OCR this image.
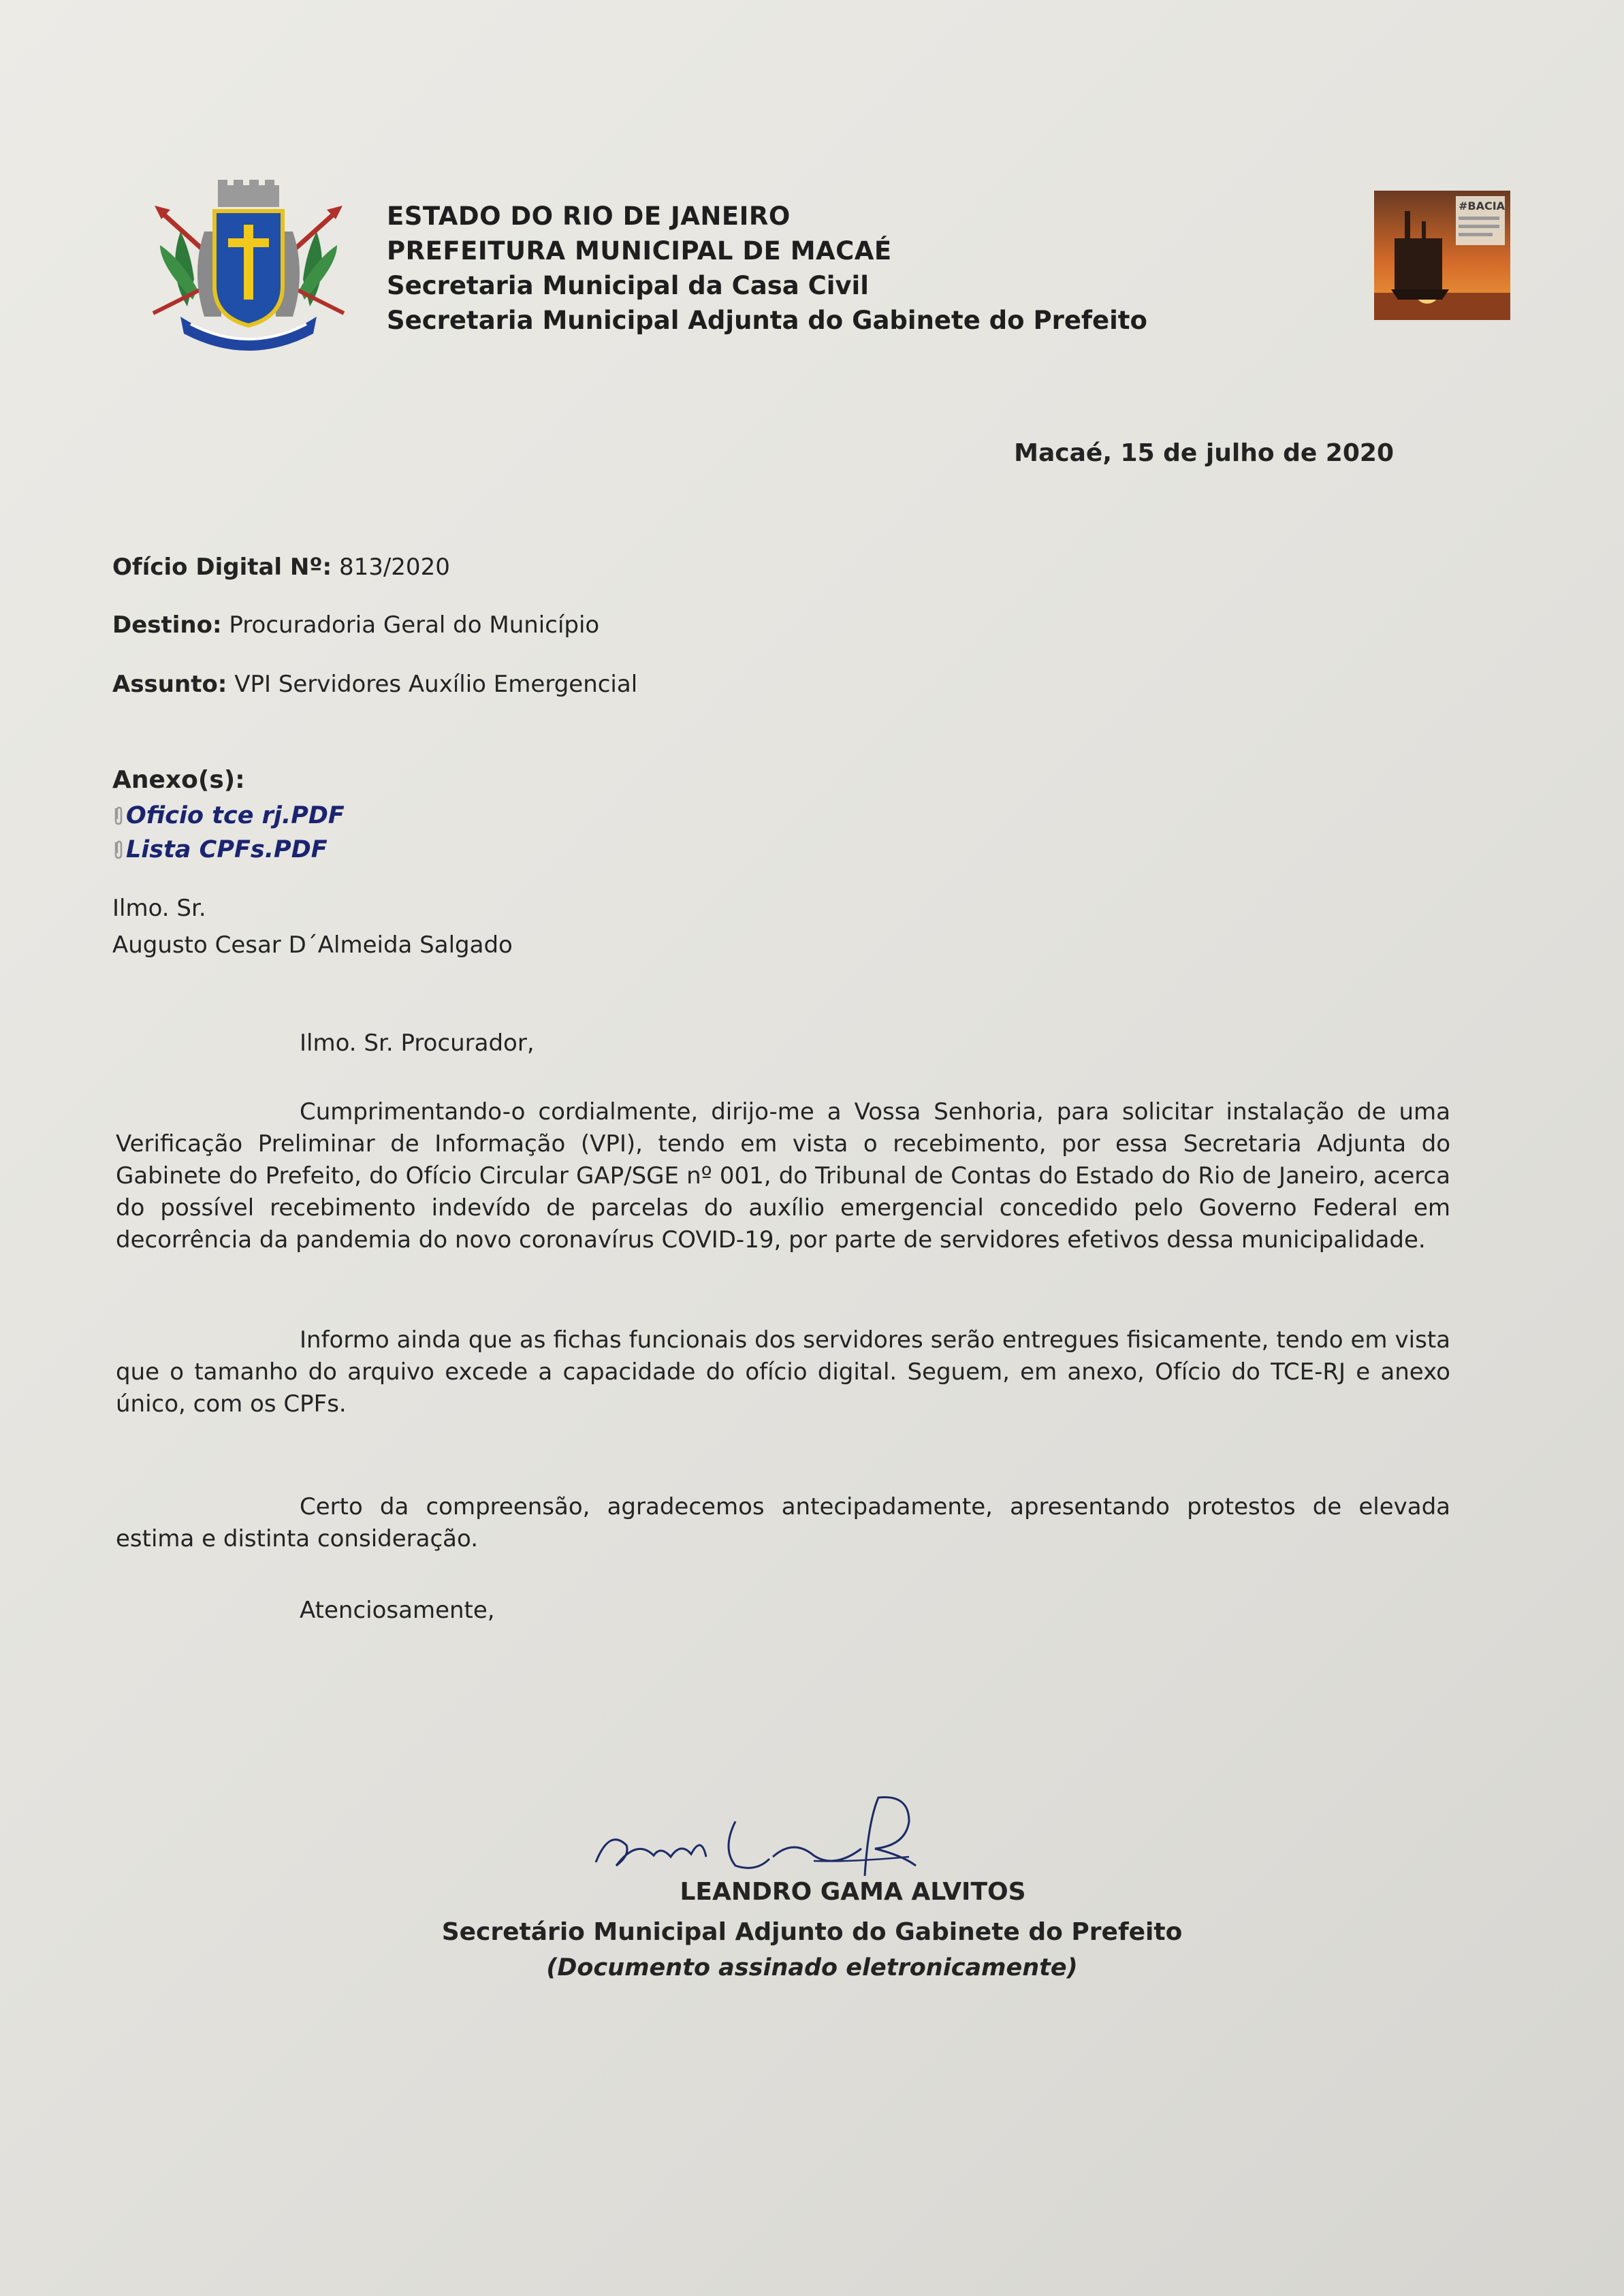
ESTADO DO RIO DE JANEIRO
PREFEITURA MUNICIPAL DE MACAÉ
Secretaria Municipal da Casa Civil
Secretaria Municipal Adjunta do Gabinete do Prefeito
#BACIA
Macaé, 15 de julho de 2020
Ofício Digital Nº: 813/2020
Destino: Procuradoria Geral do Município
Assunto: VPI Servidores Auxílio Emergencial
Anexo(s):
Oficio tce rj.PDF
Lista CPFs.PDF
Ilmo. Sr.
Augusto Cesar D´Almeida Salgado
Ilmo. Sr. Procurador,
Cumprimentando-o cordialmente, dirijo-me a Vossa Senhoria, para solicitar instalação de uma Verificação Preliminar de Informação (VPI), tendo em vista o recebimento, por essa Secretaria Adjunta do Gabinete do Prefeito, do Ofício Circular GAP/SGE nº 001, do Tribunal de Contas do Estado do Rio de Janeiro, acerca do possível recebimento indevído de parcelas do auxílio emergencial concedido pelo Governo Federal em decorrência da pandemia do novo coronavírus COVID-19, por parte de servidores efetivos dessa municipalidade.
Informo ainda que as fichas funcionais dos servidores serão entregues fisicamente, tendo em vista que o tamanho do arquivo excede a capacidade do ofício digital. Seguem, em anexo, Ofício do TCE-RJ e anexo único, com os CPFs.
Certo da compreensão, agradecemos antecipadamente, apresentando protestos de elevada estima e distinta consideração.
Atenciosamente,
LEANDRO GAMA ALVITOS
Secretário Municipal Adjunto do Gabinete do Prefeito
(Documento assinado eletronicamente)
